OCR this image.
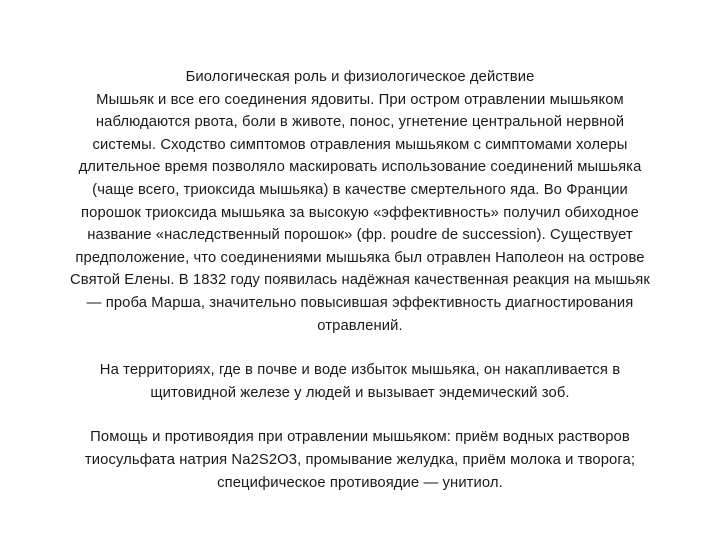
Биологическая роль и физиологическое действие
Мышьяк и все его соединения ядовиты. При остром отравлении мышьяком
наблюдаются рвота, боли в животе, понос, угнетение центральной нервной
системы. Сходство симптомов отравления мышьяком с симптомами холеры
длительное время позволяло маскировать использование соединений мышьяка
(чаще всего, триоксида мышьяка) в качестве смертельного яда. Во Франции
порошок триоксида мышьяка за высокую «эффективность» получил обиходное
название «наследственный порошок» (фр. poudre de succession). Существует
предположение, что соединениями мышьяка был отравлен Наполеон на острове
Святой Елены. В 1832 году появилась надёжная качественная реакция на мышьяк
— проба Марша, значительно повысившая эффективность диагностирования
отравлений.

На территориях, где в почве и воде избыток мышьяка, он накапливается в
щитовидной железе у людей и вызывает эндемический зоб.

Помощь и противоядия при отравлении мышьяком: приём водных растворов
тиосульфата натрия Na2S2O3, промывание желудка, приём молока и творога;
специфическое противоядие — унитиол.
